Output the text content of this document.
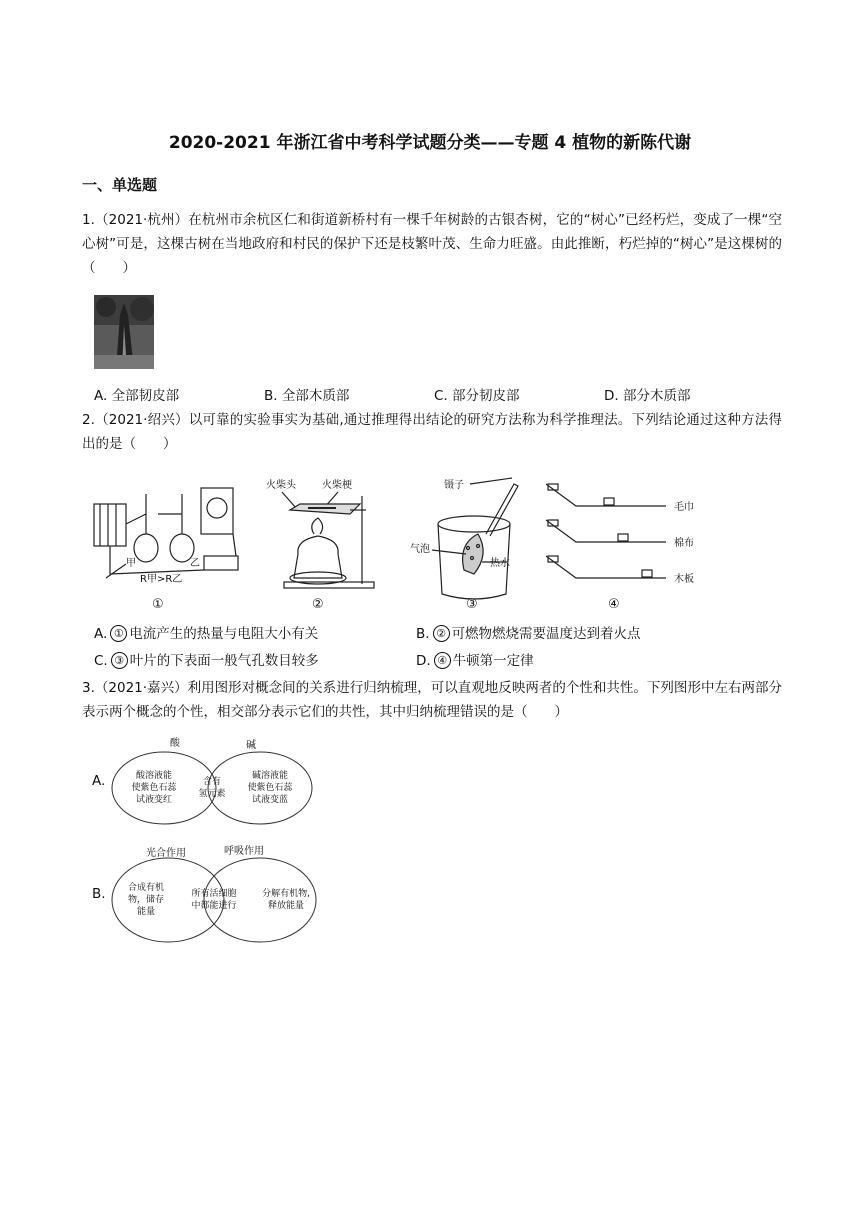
2020-2021 年浙江省中考科学试题分类——专题 4 植物的新陈代谢
一、单选题
1.（2021·杭州）在杭州市余杭区仁和街道新桥村有一棵千年树龄的古银杏树，它的“树心”已经朽烂，变成了一棵“空心树”可是，这棵古树在当地政府和村民的保护下还是枝繁叶茂、生命力旺盛。由此推断，朽烂掉的“树心”是这棵树的（　　）
A. 全部韧皮部	B. 全部木质部	C. 部分韧皮部	D. 部分木质部
2.（2021·绍兴）以可靠的实验事实为基础,通过推理得出结论的研究方法称为科学推理法。下列结论通过这种方法得出的是（　　）
甲	乙
R甲>R乙
①
火柴头	火柴梗
②
镊子
气泡
热水
③
毛巾
棉布
木板
④
A. ① 电流产生的热量与电阻大小有关	B. ② 可燃物燃烧需要温度达到着火点
C. ③ 叶片的下表面一般气孔数目较多	D. ④ 牛顿第一定律
3.（2021·嘉兴）利用图形对概念间的关系进行归纳梳理，可以直观地反映两者的个性和共性。下列图形中左右两部分表示两个概念的个性，相交部分表示它们的共性，其中归纳梳理错误的是（　　）
A.
酸	碱
酸溶液能
使紫色石蕊
试液变红
含有
氢元素
碱溶液能
使紫色石蕊
试液变蓝
B.
光合作用	呼吸作用
合成有机
物，储存
能量
所有活细胞
中都能进行
分解有机物,
释放能量
